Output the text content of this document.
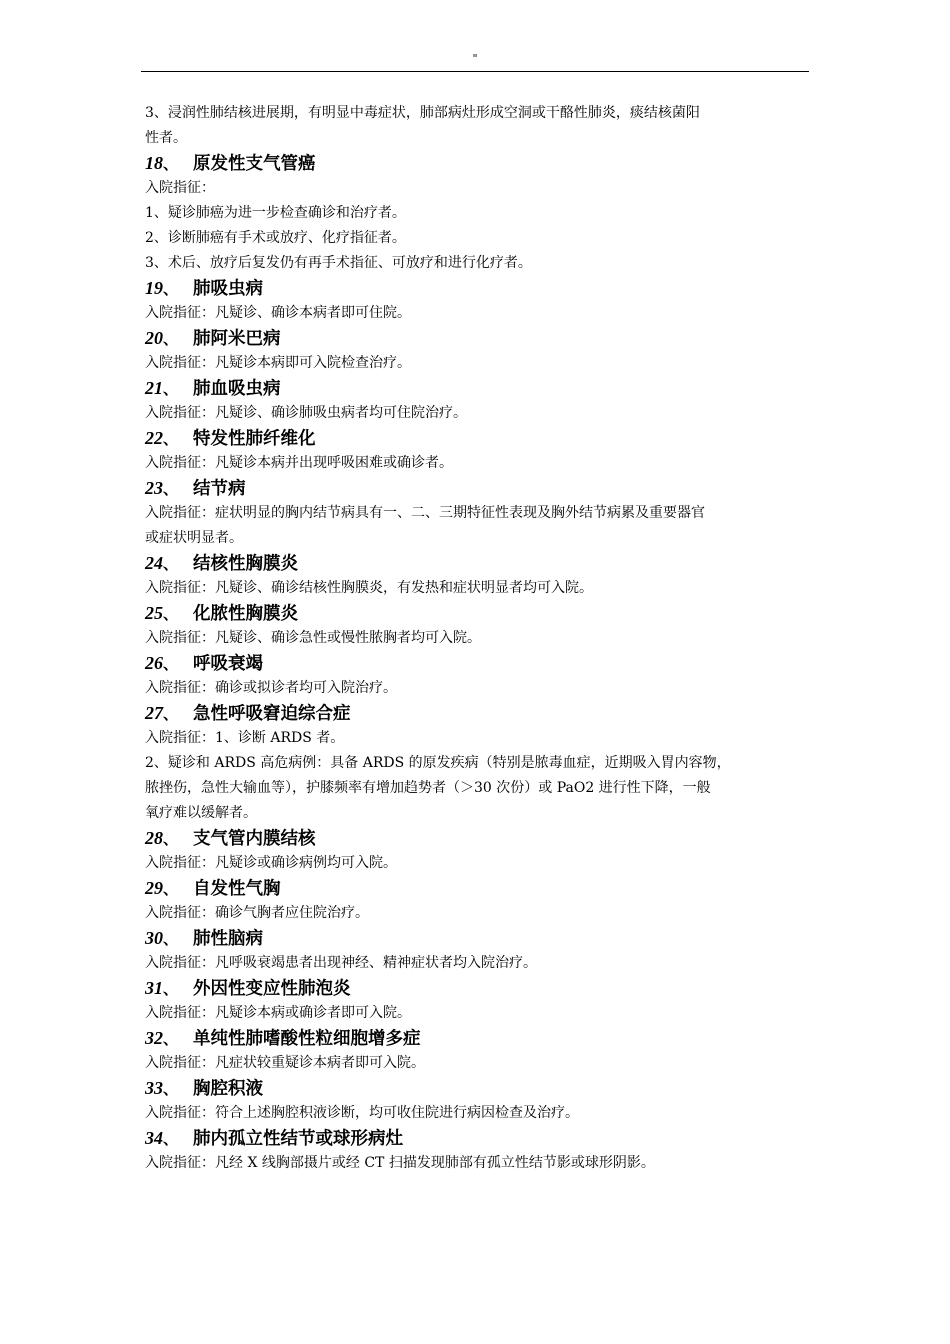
"

3、浸润性肺结核进展期，有明显中毒症状，肺部病灶形成空洞或干酪性肺炎，痰结核菌阳

性者。

18、 原发性支气管癌

入院指征：

1、疑诊肺癌为进一步检查确诊和治疗者。

2、诊断肺癌有手术或放疗、化疗指征者。

3、术后、放疗后复发仍有再手术指征、可放疗和进行化疗者。

19、 肺吸虫病

入院指征：凡疑诊、确诊本病者即可住院。

20、 肺阿米巴病

入院指征：凡疑诊本病即可入院检查治疗。

21、 肺血吸虫病

入院指征：凡疑诊、确诊肺吸虫病者均可住院治疗。

22、 特发性肺纤维化

入院指征：凡疑诊本病并出现呼吸困难或确诊者。

23、 结节病

入院指征：症状明显的胸内结节病具有一、二、三期特征性表现及胸外结节病累及重要器官

或症状明显者。

24、 结核性胸膜炎

入院指征：凡疑诊、确诊结核性胸膜炎，有发热和症状明显者均可入院。

25、 化脓性胸膜炎

入院指征：凡疑诊、确诊急性或慢性脓胸者均可入院。

26、 呼吸衰竭

入院指征：确诊或拟诊者均可入院治疗。

27、 急性呼吸窘迫综合症

入院指征：1、诊断 ARDS 者。

2、疑诊和 ARDS 高危病例：具备 ARDS 的原发疾病（特别是脓毒血症，近期吸入胃内容物，

脓挫伤，急性大输血等），护膝频率有增加趋势者（＞30 次份）或 PaO2 进行性下降，一般

氧疗难以缓解者。

28、 支气管内膜结核

入院指征：凡疑诊或确诊病例均可入院。

29、 自发性气胸

入院指征：确诊气胸者应住院治疗。

30、 肺性脑病

入院指征：凡呼吸衰竭患者出现神经、精神症状者均入院治疗。

31、 外因性变应性肺泡炎

入院指征：凡疑诊本病或确诊者即可入院。

32、 单纯性肺嗜酸性粒细胞增多症

入院指征：凡症状较重疑诊本病者即可入院。

33、 胸腔积液

入院指征：符合上述胸腔积液诊断，均可收住院进行病因检查及治疗。

34、 肺内孤立性结节或球形病灶

入院指征：凡经 X 线胸部摄片或经 CT 扫描发现肺部有孤立性结节影或球形阴影。
